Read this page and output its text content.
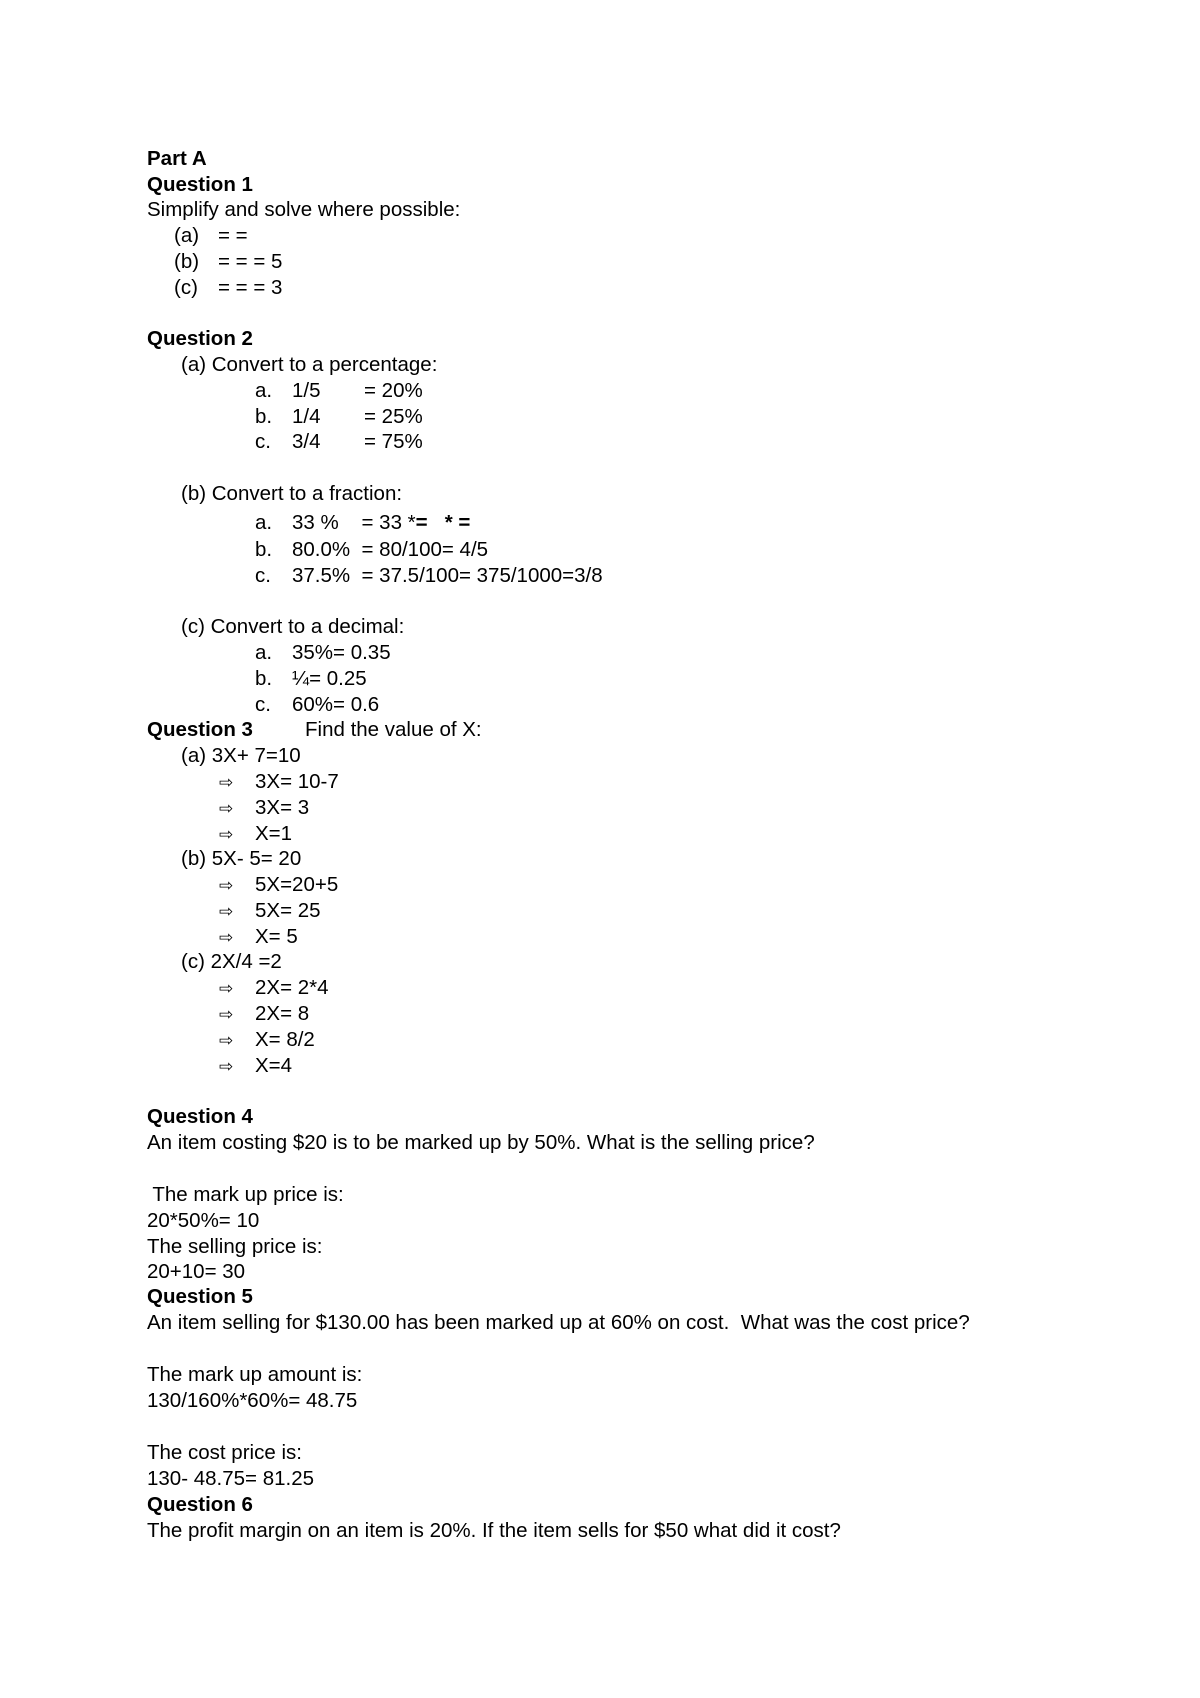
Part A
Question 1
Simplify and solve where possible:
(a) = =
(b) = = = 5
(c) = = = 3
Question 2
(a) Convert to a percentage:
a. 1/5 = 20%
b. 1/4 = 25%
c. 3/4 = 75%
(b) Convert to a fraction:
a. 33 %    = 33 *=   * =
b. 80.0%  = 80/100= 4/5
c. 37.5%  = 37.5/100= 375/1000=3/8
(c) Convert to a decimal:
a. 35%= 0.35
b. ¼= 0.25
c. 60%= 0.6
Question 3	Find the value of X:
(a) 3X+ 7=10
⇨ 3X= 10-7
⇨ 3X= 3
⇨ X=1
(b) 5X- 5= 20
⇨ 5X=20+5
⇨ 5X= 25
⇨ X= 5
(c) 2X/4 =2
⇨ 2X= 2*4
⇨ 2X= 8
⇨ X= 8/2
⇨ X=4
Question 4
An item costing $20 is to be marked up by 50%. What is the selling price?
The mark up price is:
20*50%= 10
The selling price is:
20+10= 30
Question 5
An item selling for $130.00 has been marked up at 60% on cost.  What was the cost price?
The mark up amount is:
130/160%*60%= 48.75
The cost price is:
130- 48.75= 81.25
Question 6
The profit margin on an item is 20%. If the item sells for $50 what did it cost?
